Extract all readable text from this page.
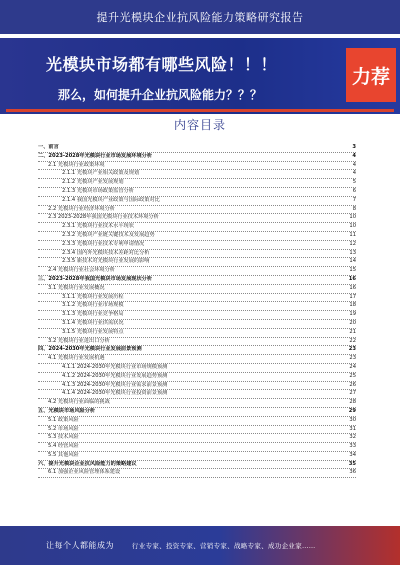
提升光模块企业抗风险能力策略研究报告
光模块市场都有哪些风险！！！
那么，如何提升企业抗风险能力？？？
力荐
内容目录
一、前言	3
二、2023-2028年光模块行业市场发展环境分析	4
2.1 光模块行业政策环境	4
2.1.1 光模块产业相关政策及规划	4
2.1.2 光模块产业发展规划	5
2.1.3 光模块市场政策监管分析	6
2.1.4 我国光模块产业政策与国际政策对比	7
2.2 光模块行业经济环境分析	8
2.3 2023-2028年我国光模块行业技术环境分析	10
2.3.1 光模块行业技术水平现状	10
2.3.2 光模块产业链关键技术及发展趋势	11
2.3.3 光模块行业技术专利申请情况	12
2.3.4 国内外光模块技术差距对比分析	13
2.3.5 新技术对光模块行业发展的影响	14
2.4 光模块行业社会环境分析	15
三、2023-2028年我国光模块市场发展现状分析	16
3.1 光模块行业发展概况	16
3.1.1 光模块行业发展历程	17
3.1.2 光模块行业市场规模	18
3.1.3 光模块行业竞争格局	19
3.1.4 光模块行业供需状况	20
3.1.5 光模块行业发展特点	21
3.2 光模块行业进出口分析	22
四、2024-2030年光模块行业发展前景预测	23
4.1 光模块行业发展机遇	23
4.1.1 2024-2030年光模块行业市场规模预测	24
4.1.2 2024-2030年光模块行业发展趋势预测	25
4.1.3 2024-2030年光模块行业需求前景预测	26
4.1.4 2024-2030年光模块行业投资前景预测	27
4.2 光模块行业面临的挑战	28
五、光模块市场风险分析	29
5.1 政策风险	30
5.2 市场风险	31
5.3 技术风险	32
5.4 经营风险	33
5.5 其他风险	34
六、提升光模块企业抗风险能力的策略建议	35
6.1 加强企业风险管理体系建设	36
让每个人都能成为	行业专家、投资专家、营销专家、战略专家、成功企业家……
